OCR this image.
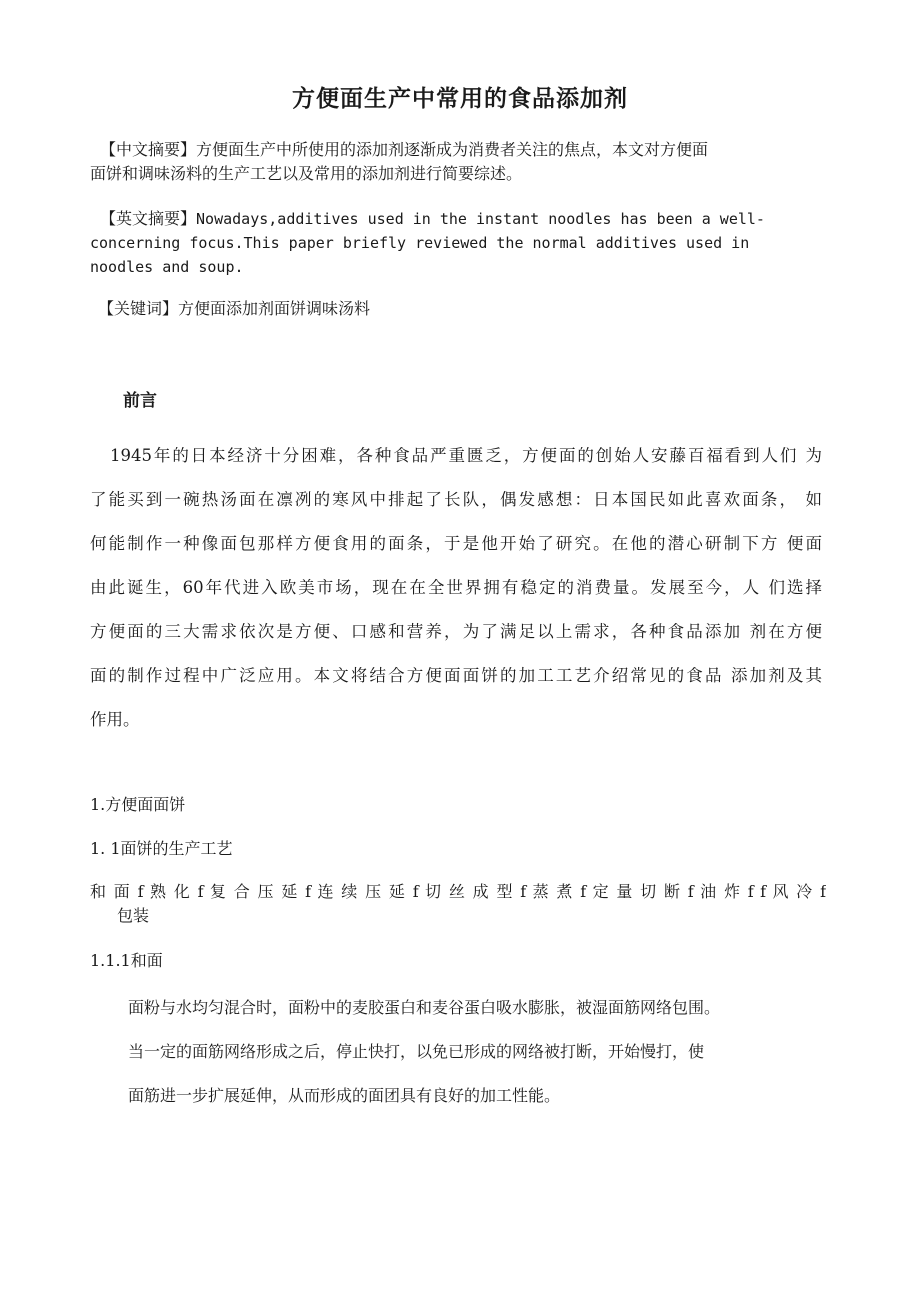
方便面生产中常用的食品添加剂
【中文摘要】方便面生产中所使用的添加剂逐渐成为消费者关注的焦点，本文对方便面
面饼和调味汤料的生产工艺以及常用的添加剂进行简要综述。
【英文摘要】Nowadays,additives used in the instant noodles has been a well-
concerning focus.This paper briefly reviewed the normal additives used in
noodles and soup.
【关键词】方便面添加剂面饼调味汤料
前言
1945年的日本经济十分困难，各种食品严重匮乏，方便面的创始人安藤百福看到人们 为
了能买到一碗热汤面在凛冽的寒风中排起了长队，偶发感想：日本国民如此喜欢面条， 如
何能制作一种像面包那样方便食用的面条，于是他开始了研究。在他的潜心研制下方 便面
由此诞生，60年代进入欧美市场，现在在全世界拥有稳定的消费量。发展至今，人 们选择
方便面的三大需求依次是方便、口感和营养，为了满足以上需求，各种食品添加 剂在方便
面的制作过程中广泛应用。本文将结合方便面面饼的加工工艺介绍常见的食品 添加剂及其
作用。
1.方便面面饼
1. 1面饼的生产工艺
和 面 f 熟 化 f 复 合 压 延 f 连 续 压 延 f 切 丝 成 型 f 蒸 煮 f 定 量 切 断 f 油 炸 f f 风 冷 f
包装
1.1.1和面
面粉与水均匀混合时，面粉中的麦胶蛋白和麦谷蛋白吸水膨胀，被湿面筋网络包围。
当一定的面筋网络形成之后，停止快打，以免已形成的网络被打断，开始慢打，使
面筋进一步扩展延伸，从而形成的面团具有良好的加工性能。
